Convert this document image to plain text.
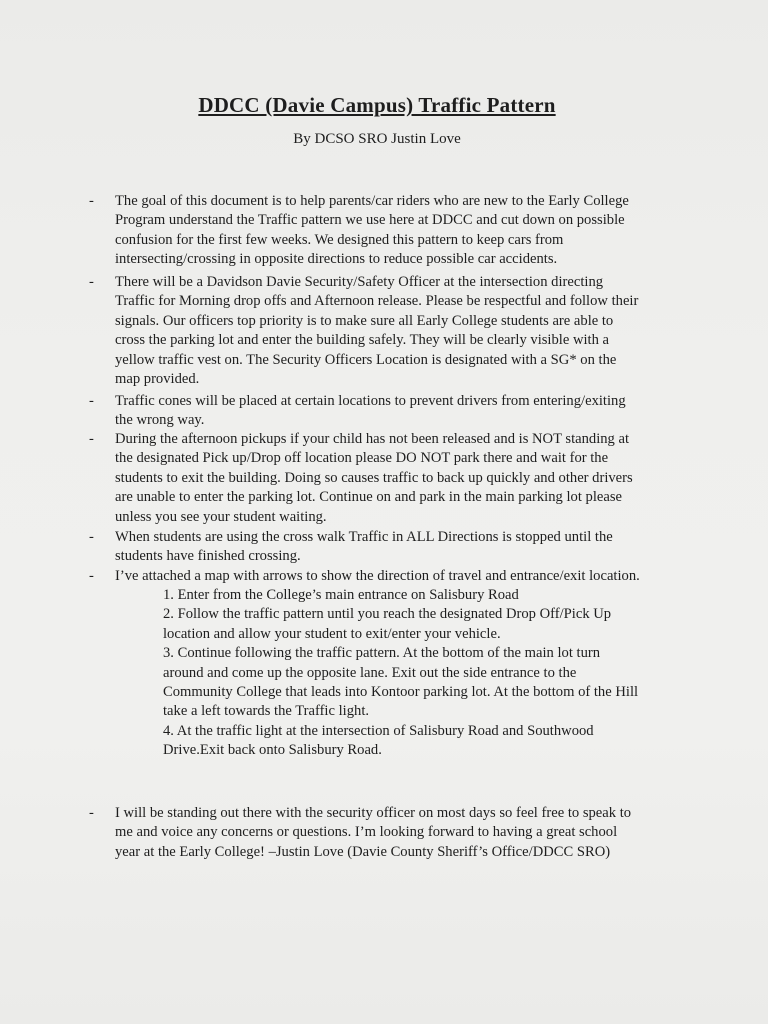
DDCC (Davie Campus) Traffic Pattern
By DCSO SRO Justin Love
-	The goal of this document is to help parents/car riders who are new to the Early College
Program understand the Traffic pattern we use here at DDCC and cut down on possible
confusion for the first few weeks. We designed this pattern to keep cars from
intersecting/crossing in opposite directions to reduce possible car accidents.
-	There will be a Davidson Davie Security/Safety Officer at the intersection directing
Traffic for Morning drop offs and Afternoon release. Please be respectful and follow their
signals. Our officers top priority is to make sure all Early College students are able to
cross the parking lot and enter the building safely. They will be clearly visible with a
yellow traffic vest on. The Security Officers Location is designated with a SG* on the
map provided.
-	Traffic cones will be placed at certain locations to prevent drivers from entering/exiting
the wrong way.
-	During the afternoon pickups if your child has not been released and is NOT standing at
the designated Pick up/Drop off location please DO NOT park there and wait for the
students to exit the building. Doing so causes traffic to back up quickly and other drivers
are unable to enter the parking lot. Continue on and park in the main parking lot please
unless you see your student waiting.
-	When students are using the cross walk Traffic in ALL Directions is stopped until the
students have finished crossing.
-	I’ve attached a map with arrows to show the direction of travel and entrance/exit location.
1. Enter from the College’s main entrance on Salisbury Road
2. Follow the traffic pattern until you reach the designated Drop Off/Pick Up
location and allow your student to exit/enter your vehicle.
3. Continue following the traffic pattern. At the bottom of the main lot turn
around and come up the opposite lane. Exit out the side entrance to the
Community College that leads into Kontoor parking lot. At the bottom of the Hill
take a left towards the Traffic light.
4. At the traffic light at the intersection of Salisbury Road and Southwood
Drive.Exit back onto Salisbury Road.
-	I will be standing out there with the security officer on most days so feel free to speak to
me and voice any concerns or questions. I’m looking forward to having a great school
year at the Early College! –Justin Love (Davie County Sheriff’s Office/DDCC SRO)
